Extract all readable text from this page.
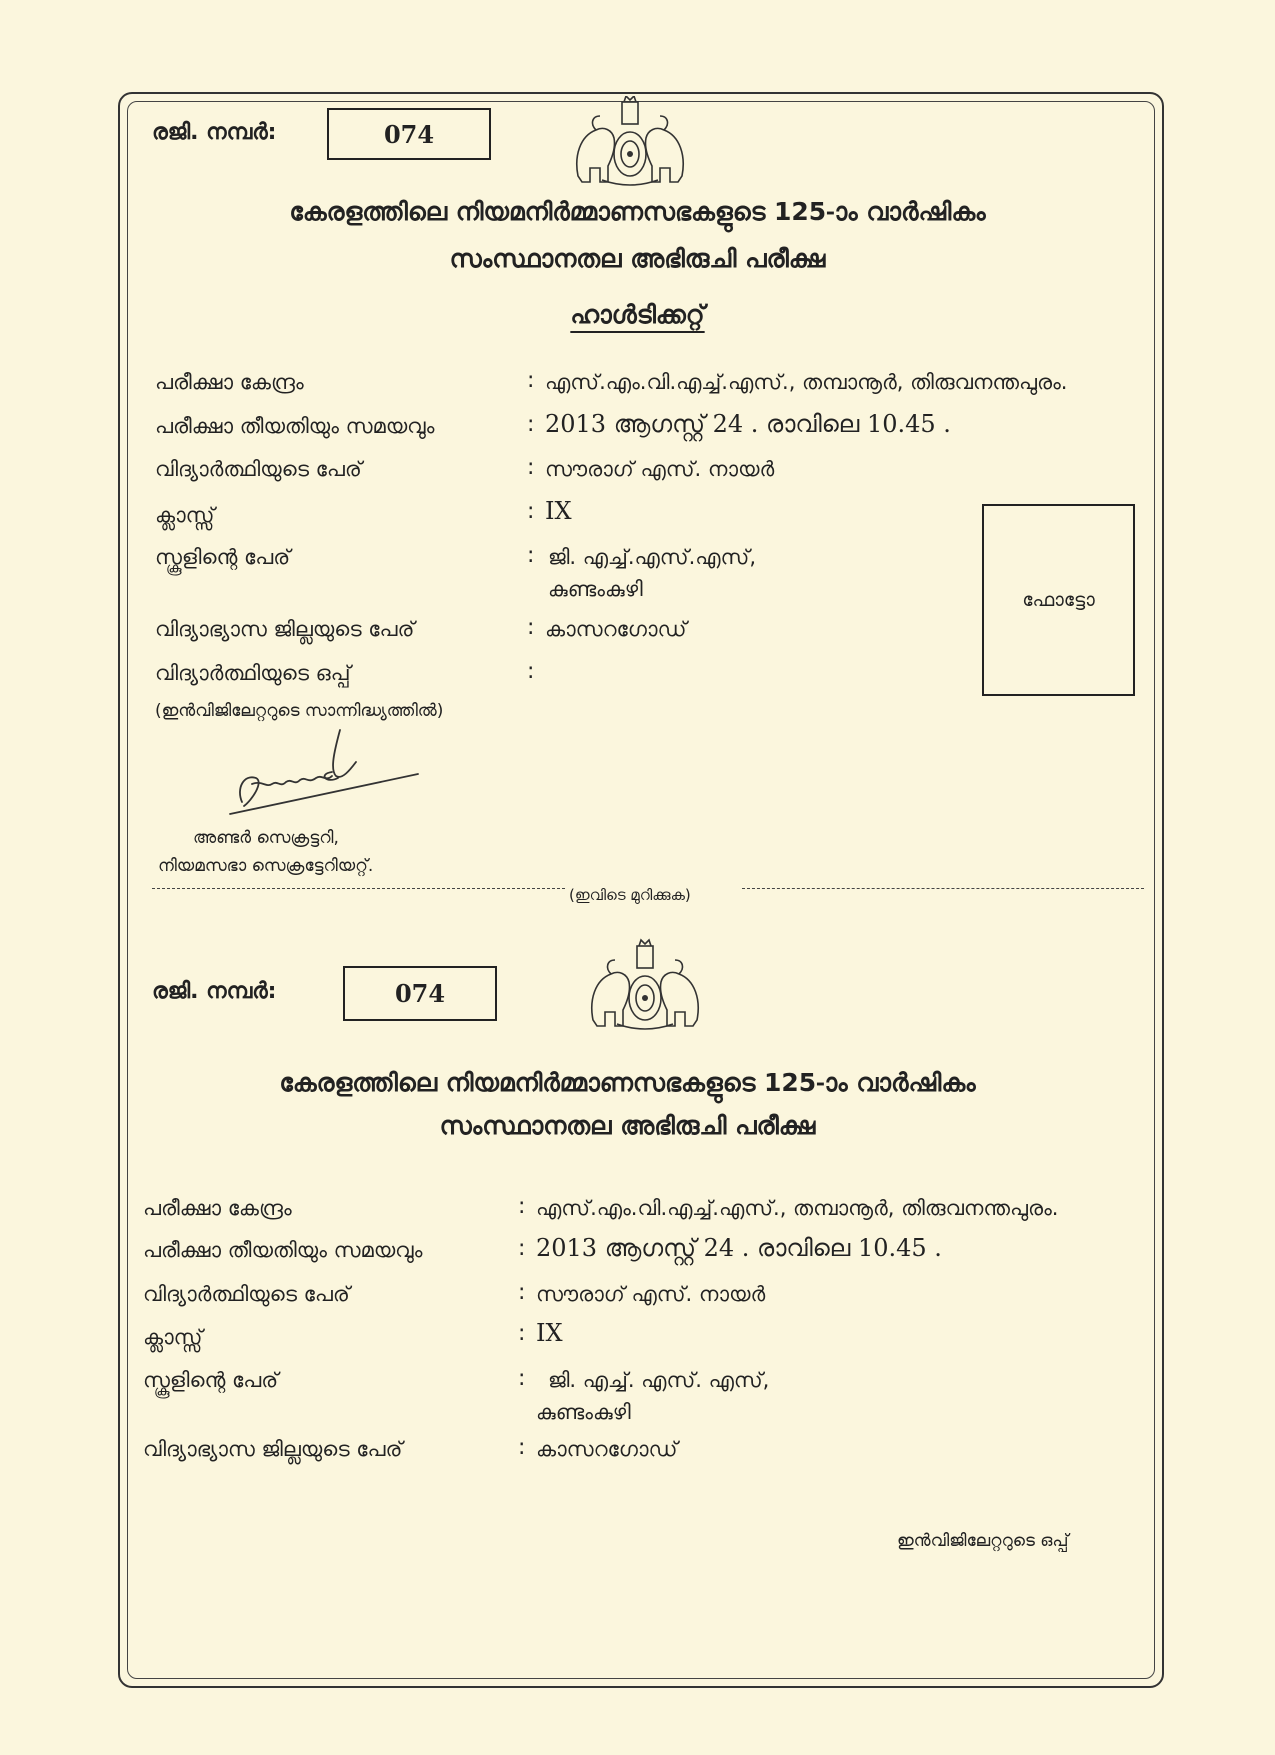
രജി. നമ്പർ:	074
കേരളത്തിലെ നിയമനിർമ്മാണസഭകളുടെ 125-ാം വാർഷികം
സംസ്ഥാനതല അഭിരുചി പരീക്ഷ
ഹാൾടിക്കറ്റ്
പരീക്ഷാ കേന്ദ്രം	: എസ്.എം.വി.എച്ച്.എസ്., തമ്പാനൂർ, തിരുവനന്തപുരം.
പരീക്ഷാ തീയതിയും സമയവും	: 2013 ആഗസ്റ്റ് 24 . രാവിലെ 10.45 .
വിദ്യാർത്ഥിയുടെ പേര്	: സൗരാഗ് എസ്. നായർ
ക്ലാസ്സ്	: IX
സ്കൂളിന്റെ പേര്	: ജി. എച്ച്.എസ്.എസ്,
കുണ്ടംകുഴി
വിദ്യാഭ്യാസ ജില്ലയുടെ പേര്	: കാസറഗോഡ്
വിദ്യാർത്ഥിയുടെ ഒപ്പ്	:
(ഇൻവിജിലേറ്ററുടെ സാന്നിദ്ധ്യത്തിൽ)
ഫോട്ടോ
അണ്ടർ സെക്രട്ടറി,
നിയമസഭാ സെക്രട്ടേറിയറ്റ്.
(ഇവിടെ മുറിക്കുക)
രജി. നമ്പർ:	074
കേരളത്തിലെ നിയമനിർമ്മാണസഭകളുടെ 125-ാം വാർഷികം
സംസ്ഥാനതല അഭിരുചി പരീക്ഷ
പരീക്ഷാ കേന്ദ്രം	: എസ്.എം.വി.എച്ച്.എസ്., തമ്പാനൂർ, തിരുവനന്തപുരം.
പരീക്ഷാ തീയതിയും സമയവും	: 2013 ആഗസ്റ്റ് 24 . രാവിലെ 10.45 .
വിദ്യാർത്ഥിയുടെ പേര്	: സൗരാഗ് എസ്. നായർ
ക്ലാസ്സ്	: IX
സ്കൂളിന്റെ പേര്	: ജി. എച്ച്. എസ്. എസ്,
കുണ്ടംകുഴി
വിദ്യാഭ്യാസ ജില്ലയുടെ പേര്	: കാസറഗോഡ്
ഇൻവിജിലേറ്ററുടെ ഒപ്പ്
